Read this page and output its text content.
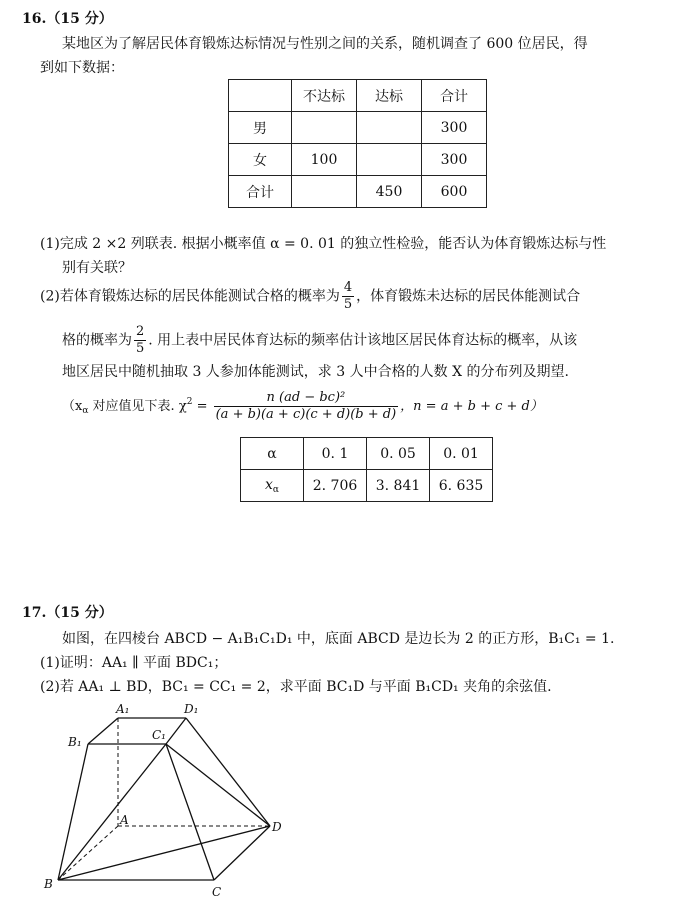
16.（15 分）
某地区为了解居民体育锻炼达标情况与性别之间的关系，随机调查了 600 位居民，得
到如下数据：
	不达标	达标	合计
男			300
女	100		300
合计		450	600
(1)完成 2 ×2 列联表. 根据小概率值 α = 0. 01 的独立性检验，能否认为体育锻炼达标与性
别有关联？
(2)若体育锻炼达标的居民体能测试合格的概率为 $\frac{4}{5}$ ，体育锻炼未达标的居民体能测试合
格的概率为 $\frac{2}{5}$ . 用上表中居民体育达标的频率估计该地区居民体育达标的概率，从该
地区居民中随机抽取 3 人参加体能测试，求 3 人中合格的人数 X 的分布列及期望.
（$x_\alpha$ 对应值见下表. $\chi^2 = \frac{\text{n (ad − bc)²}}{(a + b)(a + c)(c + d)(b + d)}$ ，n = a + b + c + d）
α	0. 1	0. 05	0. 01
$x_\alpha$	2. 706	3. 841	6. 635
17.（15 分）
如图，在四棱台 ABCD − A₁B₁C₁D₁ 中，底面 ABCD 是边长为 2 的正方形，B₁C₁ = 1.
(1)证明：AA₁ ∥ 平面 BDC₁；
(2)若 AA₁ ⊥ BD，BC₁ = CC₁ = 2，求平面 BC₁D 与平面 B₁CD₁ 夹角的余弦值.
A₁	D₁
B₁	C₁
A
B
C
D
